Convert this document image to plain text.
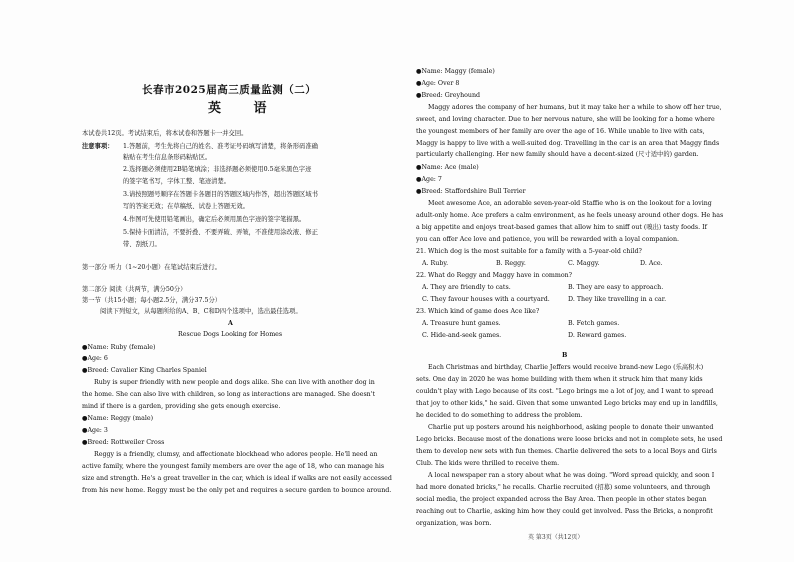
长春市2025届高三质量监测（二）
英 语
本试卷共12页。考试结束后，将本试卷和答题卡一并交回。
注意事项： 1.答题前，考生先将自己的姓名、准考证号码填写清楚，将条形码准确
粘贴在考生信息条形码粘贴区。
2.选择题必须使用2B铅笔填涂；非选择题必须使用0.5毫米黑色字迹
的签字笔书写，字体工整、笔迹清楚。
3.请按照题号顺序在答题卡各题目的答题区域内作答，超出答题区域书
写的答案无效；在草稿纸、试卷上答题无效。
4.作图可先使用铅笔画出，确定后必须用黑色字迹的签字笔描黑。
5.保持卡面清洁，不要折叠、不要弄破、弄皱，不准使用涂改液、修正
带、刮纸刀。
第一部分 听力（1~20小题）在笔试结束后进行。
第二部分 阅读（共两节，满分50分）
第一节（共15小题；每小题2.5分，满分37.5分）
阅读下列短文，从每题所给的A、B、C和D四个选项中，选出最佳选项。
A
Rescue Dogs Looking for Homes
●Name: Ruby (female)
●Age: 6
●Breed: Cavalier King Charles Spaniel
Ruby is super friendly with new people and dogs alike. She can live with another dog in
the home. She can also live with children, so long as interactions are managed. She doesn't
mind if there is a garden, providing she gets enough exercise.
●Name: Reggy (male)
●Age: 3
●Breed: Rottweiler Cross
Reggy is a friendly, clumsy, and affectionate blockhead who adores people. He'll need an
active family, where the youngest family members are over the age of 18, who can manage his
size and strength. He's a great traveller in the car, which is ideal if walks are not easily accessed
from his new home. Reggy must be the only pet and requires a secure garden to bounce around.
●Name: Maggy (female)
●Age: Over 8
●Breed: Greyhound
Maggy adores the company of her humans, but it may take her a while to show off her true,
sweet, and loving character. Due to her nervous nature, she will be looking for a home where
the youngest members of her family are over the age of 16. While unable to live with cats,
Maggy is happy to live with a well-suited dog. Travelling in the car is an area that Maggy finds
particularly challenging. Her new family should have a decent-sized (尺寸适中的) garden.
●Name: Ace (male)
●Age: 7
●Breed: Staffordshire Bull Terrier
Meet awesome Ace, an adorable seven-year-old Staffie who is on the lookout for a loving
adult-only home. Ace prefers a calm environment, as he feels uneasy around other dogs. He has
a big appetite and enjoys treat-based games that allow him to sniff out (嗅出) tasty foods. If
you can offer Ace love and patience, you will be rewarded with a loyal companion.
21. Which dog is the most suitable for a family with a 5-year-old child?
A. Ruby.	B. Reggy.	C. Maggy.	D. Ace.
22. What do Reggy and Maggy have in common?
A. They are friendly to cats.	B. They are easy to approach.
C. They favour houses with a courtyard.	D. They like travelling in a car.
23. Which kind of game does Ace like?
A. Treasure hunt games.	B. Fetch games.
C. Hide-and-seek games.	D. Reward games.
B
Each Christmas and birthday, Charlie Jeffers would receive brand-new Lego (乐高积木)
sets. One day in 2020 he was home building with them when it struck him that many kids
couldn't play with Lego because of its cost. "Lego brings me a lot of joy, and I want to spread
that joy to other kids," he said. Given that some unwanted Lego bricks may end up in landfills,
he decided to do something to address the problem.
Charlie put up posters around his neighborhood, asking people to donate their unwanted
Lego bricks. Because most of the donations were loose bricks and not in complete sets, he used
them to develop new sets with fun themes. Charlie delivered the sets to a local Boys and Girls
Club. The kids were thrilled to receive them.
A local newspaper ran a story about what he was doing. "Word spread quickly, and soon I
had more donated bricks," he recalls. Charlie recruited (招募) some volunteers, and through
social media, the project expanded across the Bay Area. Then people in other states began
reaching out to Charlie, asking him how they could get involved. Pass the Bricks, a nonprofit
organization, was born.
英 第3页（共12页）
